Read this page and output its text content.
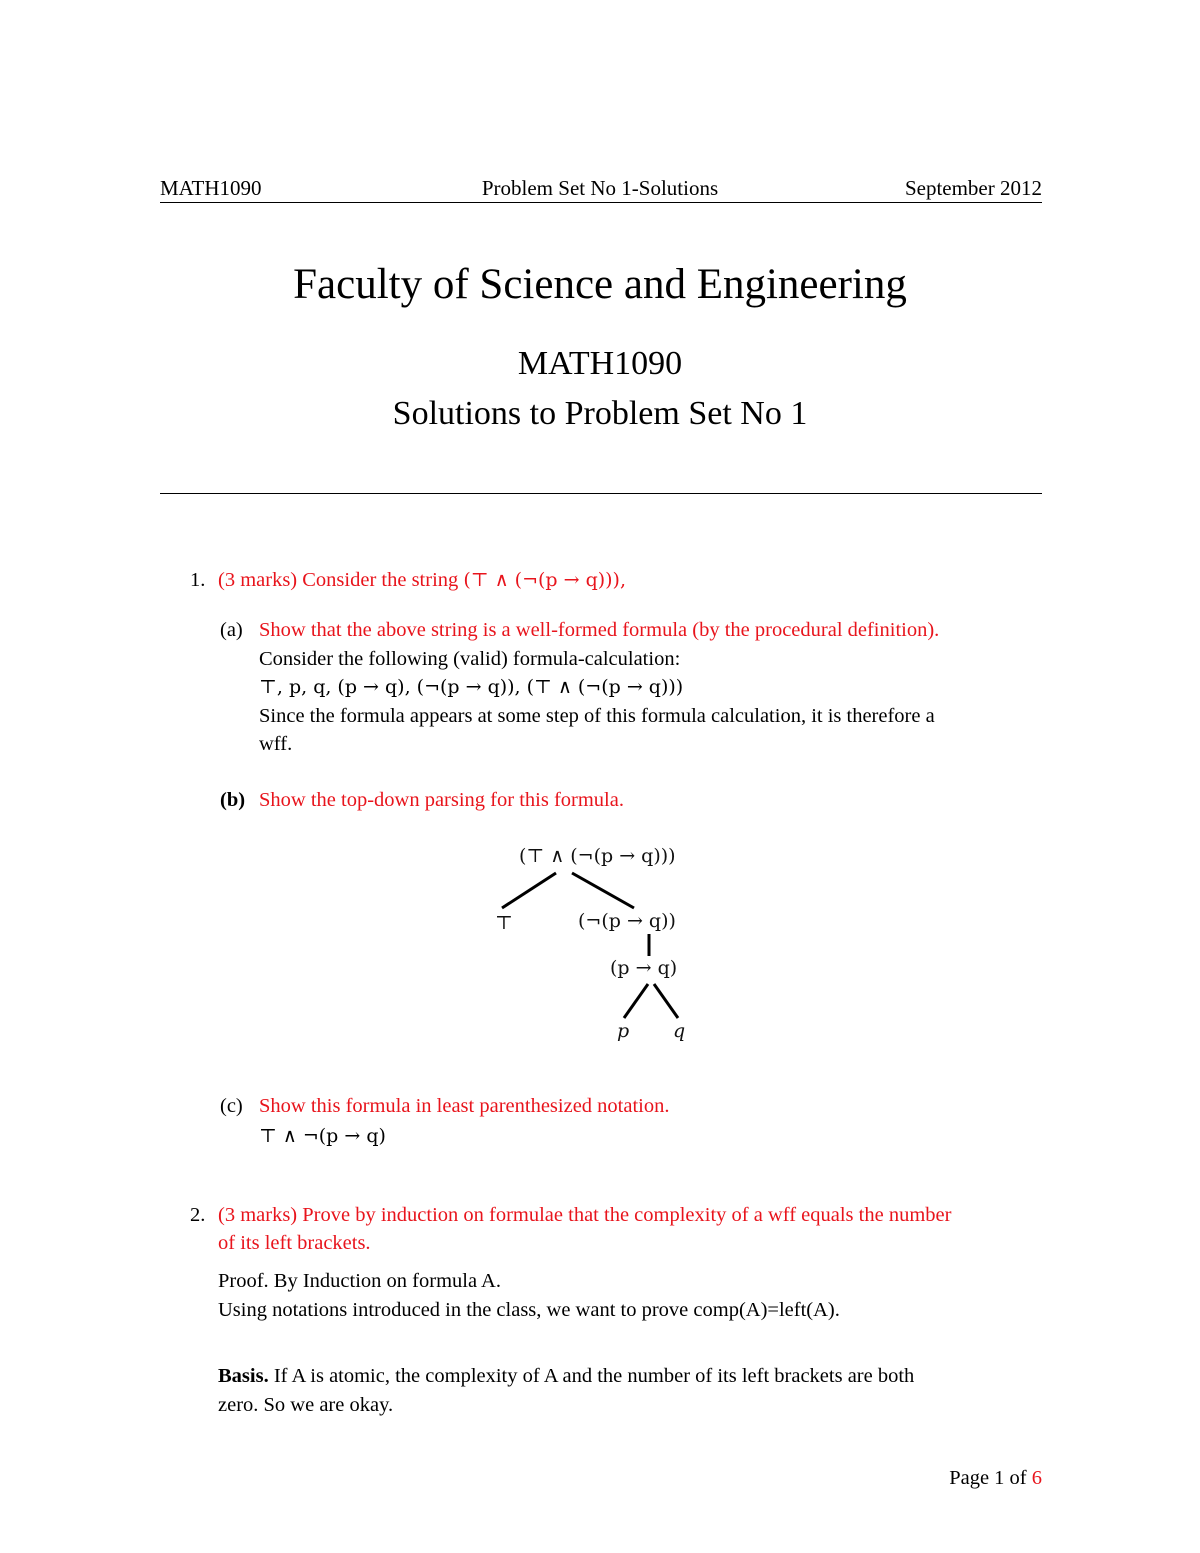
MATH1090	Problem Set No 1-Solutions	September 2012
Faculty of Science and Engineering
MATH1090
Solutions to Problem Set No 1
1. (3 marks) Consider the string (⊤ ∧ (¬(p → q))),
(a) Show that the above string is a well-formed formula (by the procedural definition).
Consider the following (valid) formula-calculation:
⊤, p, q, (p → q), (¬(p → q)), (⊤ ∧ (¬(p → q)))
Since the formula appears at some step of this formula calculation, it is therefore a
wff.
(b) Show the top-down parsing for this formula.
(⊤ ∧ (¬(p → q)))
⊤	(¬(p → q))
(p → q)
p q
(c) Show this formula in least parenthesized notation.
⊤ ∧ ¬(p → q)
2. (3 marks) Prove by induction on formulae that the complexity of a wff equals the number
of its left brackets.
Proof. By Induction on formula A.
Using notations introduced in the class, we want to prove comp(A)=left(A).
Basis. If A is atomic, the complexity of A and the number of its left brackets are both
zero. So we are okay.
Page 1 of 6
